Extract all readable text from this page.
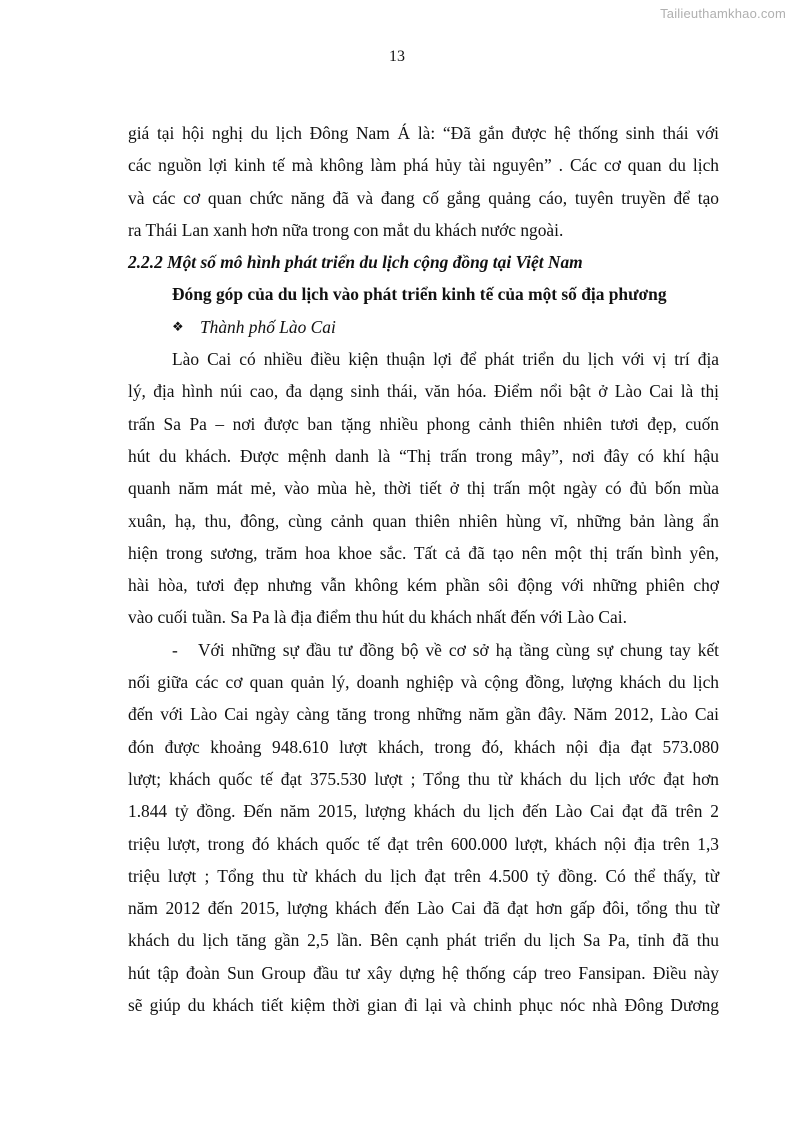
Tailieuthamkhao.com
13
giá tại hội nghị du lịch Đông Nam Á là: “Đã gắn được hệ thống sinh thái với
các nguồn lợi kinh tế mà không làm phá hủy tài nguyên” . Các cơ quan du lịch
và các cơ quan chức năng đã và đang cố gắng quảng cáo, tuyên truyền để tạo
ra Thái Lan xanh hơn nữa trong con mắt du khách nước ngoài.
2.2.2 Một số mô hình phát triển du lịch cộng đồng tại Việt Nam
Đóng góp của du lịch vào phát triển kinh tế của một số địa phương
❖ Thành phố Lào Cai
Lào Cai có nhiều điều kiện thuận lợi để phát triển du lịch với vị trí địa
lý, địa hình núi cao, đa dạng sinh thái, văn hóa. Điểm nổi bật ở Lào Cai là thị
trấn Sa Pa – nơi được ban tặng nhiều phong cảnh thiên nhiên tươi đẹp, cuốn
hút du khách. Được mệnh danh là “Thị trấn trong mây”, nơi đây có khí hậu
quanh năm mát mẻ, vào mùa hè, thời tiết ở thị trấn một ngày có đủ bốn mùa
xuân, hạ, thu, đông, cùng cảnh quan thiên nhiên hùng vĩ, những bản làng ẩn
hiện trong sương, trăm hoa khoe sắc. Tất cả đã tạo nên một thị trấn bình yên,
hài hòa, tươi đẹp nhưng vẫn không kém phần sôi động với những phiên chợ
vào cuối tuần. Sa Pa là địa điểm thu hút du khách nhất đến với Lào Cai.
- Với những sự đầu tư đồng bộ về cơ sở hạ tầng cùng sự chung tay kết
nối giữa các cơ quan quản lý, doanh nghiệp và cộng đồng, lượng khách du lịch
đến với Lào Cai ngày càng tăng trong những năm gần đây. Năm 2012, Lào Cai
đón được khoảng 948.610 lượt khách, trong đó, khách nội địa đạt 573.080
lượt; khách quốc tế đạt 375.530 lượt ; Tổng thu từ khách du lịch ước đạt hơn
1.844 tỷ đồng. Đến năm 2015, lượng khách du lịch đến Lào Cai đạt đã trên 2
triệu lượt, trong đó khách quốc tế đạt trên 600.000 lượt, khách nội địa trên 1,3
triệu lượt ; Tổng thu từ khách du lịch đạt trên 4.500 tỷ đồng. Có thể thấy, từ
năm 2012 đến 2015, lượng khách đến Lào Cai đã đạt hơn gấp đôi, tổng thu từ
khách du lịch tăng gần 2,5 lần. Bên cạnh phát triển du lịch Sa Pa, tỉnh đã thu
hút tập đoàn Sun Group đầu tư xây dựng hệ thống cáp treo Fansipan. Điều này
sẽ giúp du khách tiết kiệm thời gian đi lại và chinh phục nóc nhà Đông Dương
